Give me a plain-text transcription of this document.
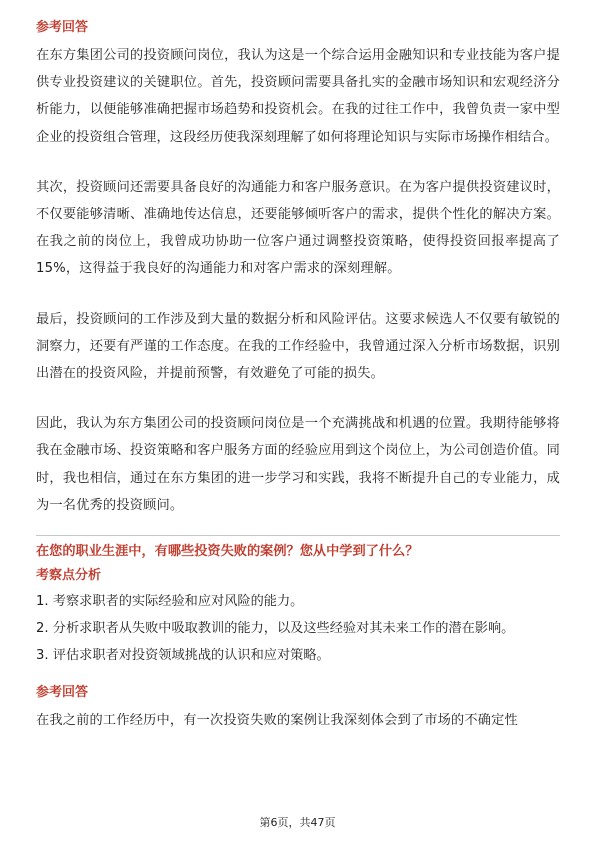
参考回答

在东方集团公司的投资顾问岗位，我认为这是一个综合运用金融知识和专业技能为客户提供专业投资建议的关键职位。首先，投资顾问需要具备扎实的金融市场知识和宏观经济分析能力，以便能够准确把握市场趋势和投资机会。在我的过往工作中，我曾负责一家中型企业的投资组合管理，这段经历使我深刻理解了如何将理论知识与实际市场操作相结合。

其次，投资顾问还需要具备良好的沟通能力和客户服务意识。在为客户提供投资建议时，不仅要能够清晰、准确地传达信息，还要能够倾听客户的需求，提供个性化的解决方案。在我之前的岗位上，我曾成功协助一位客户通过调整投资策略，使得投资回报率提高了15%，这得益于我良好的沟通能力和对客户需求的深刻理解。

最后，投资顾问的工作涉及到大量的数据分析和风险评估。这要求候选人不仅要有敏锐的洞察力，还要有严谨的工作态度。在我的工作经验中，我曾通过深入分析市场数据，识别出潜在的投资风险，并提前预警，有效避免了可能的损失。

因此，我认为东方集团公司的投资顾问岗位是一个充满挑战和机遇的位置。我期待能够将我在金融市场、投资策略和客户服务方面的经验应用到这个岗位上，为公司创造价值。同时，我也相信，通过在东方集团的进一步学习和实践，我将不断提升自己的专业能力，成为一名优秀的投资顾问。

在您的职业生涯中，有哪些投资失败的案例？您从中学到了什么？

考察点分析

1. 考察求职者的实际经验和应对风险的能力。
2. 分析求职者从失败中吸取教训的能力，以及这些经验对其未来工作的潜在影响。
3. 评估求职者对投资领域挑战的认识和应对策略。

参考回答

在我之前的工作经历中，有一次投资失败的案例让我深刻体会到了市场的不确定性

第6页，共47页
